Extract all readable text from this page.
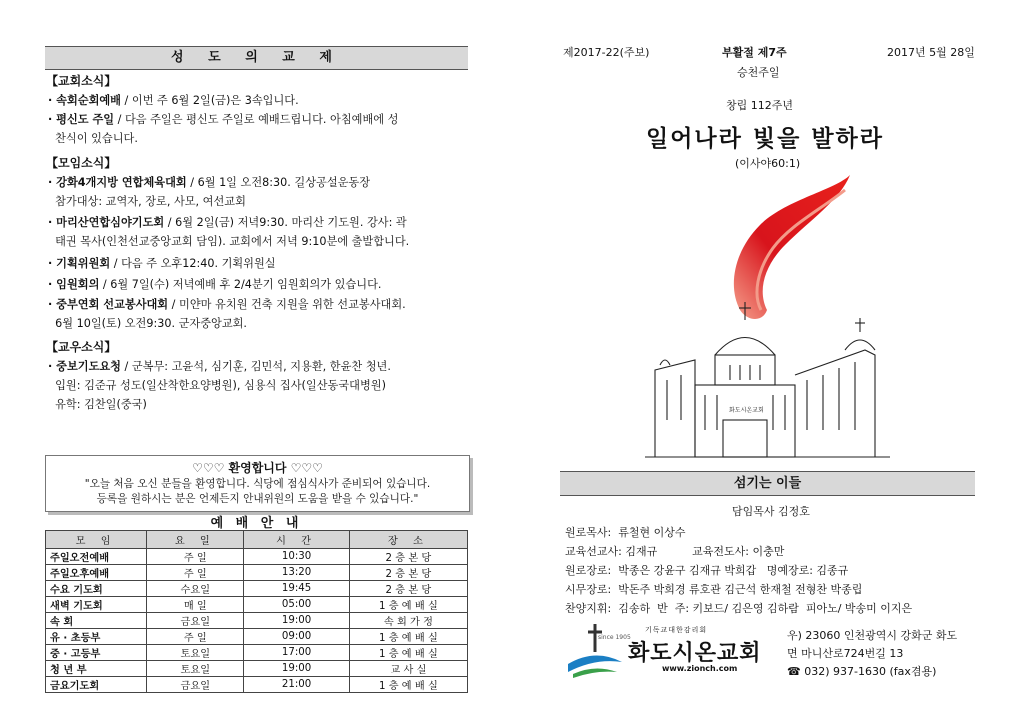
성 도 의 교 제
【교회소식】
· 속회순회예배 / 이번 주 6월 2일(금)은 3속입니다.
· 평신도 주일 / 다음 주일은 평신도 주일로 예배드립니다. 아침예배에 성
찬식이 있습니다.
【모임소식】
· 강화4개지방 연합체육대회 / 6월 1일 오전8:30. 길상공설운동장
참가대상: 교역자, 장로, 사모, 여선교회
· 마리산연합심야기도회 / 6월 2일(금) 저녁9:30. 마리산 기도원. 강사: 곽
태권 목사(인천선교중앙교회 담임). 교회에서 저녁 9:10분에 출발합니다.
· 기획위원회 / 다음 주 오후12:40. 기획위원실
· 임원회의 / 6월 7일(수) 저녁예배 후 2/4분기 임원회의가 있습니다.
· 중부연회 선교봉사대회 / 미얀마 유치원 건축 지원을 위한 선교봉사대회.
6월 10일(토) 오전9:30. 군자중앙교회.
【교우소식】
· 중보기도요청 / 군복무: 고윤석, 심기훈, 김민석, 지용환, 한윤찬 청년.
입원: 김준규 성도(일산착한요양병원), 심용식 집사(일산동국대병원)
유학: 김찬일(중국)
♡♡♡ 환영합니다 ♡♡♡
"오늘 처음 오신 분들을 환영합니다. 식당에 점심식사가 준비되어 있습니다.
등록을 원하시는 분은 언제든지 안내위원의 도움을 받을 수 있습니다."
예 배 안 내
모 임	요 일	시 간	장 소
주일오전예배	주 일	10:30	2 층 본 당
주일오후예배	주 일	13:20	2 층 본 당
수요 기도회	수요일	19:45	2 층 본 당
새벽 기도회	매 일	05:00	1 층 예 배 실
속 회	금요일	19:00	속 회 가 정
유 · 초등부	주 일	09:00	1 층 예 배 실
중 · 고등부	토요일	17:00	1 층 예 배 실
청 년 부	토요일	19:00	교 사 실
금요기도회	금요일	21:00	1 층 예 배 실
제2017-22(주보)	부활절 제7주	2017년 5월 28일
승천주일
창립 112주년
일어나라 빛을 발하라
(이사야60:1)
화도시온교회
섬기는 이들
담임목사 김정호
원로목사:  류철현 이상수
교육선교사: 김재규          교육전도사: 이충만
원로장로:  박종은 강윤구 김재규 박희갑   명예장로: 김종규
시무장로:  박돈주 박희경 류호관 김근석 한재철 전형찬 박종립
찬양지휘:  김송하  반  주: 키보드/ 김은영 김하람  피아노/ 박송미 이지은
since 1905
기독교대한감리회
화도시온교회
www.zionch.com
우) 23060 인천광역시 강화군 화도
면 마니산로724번길 13
☎ 032) 937-1630 (fax겸용)
